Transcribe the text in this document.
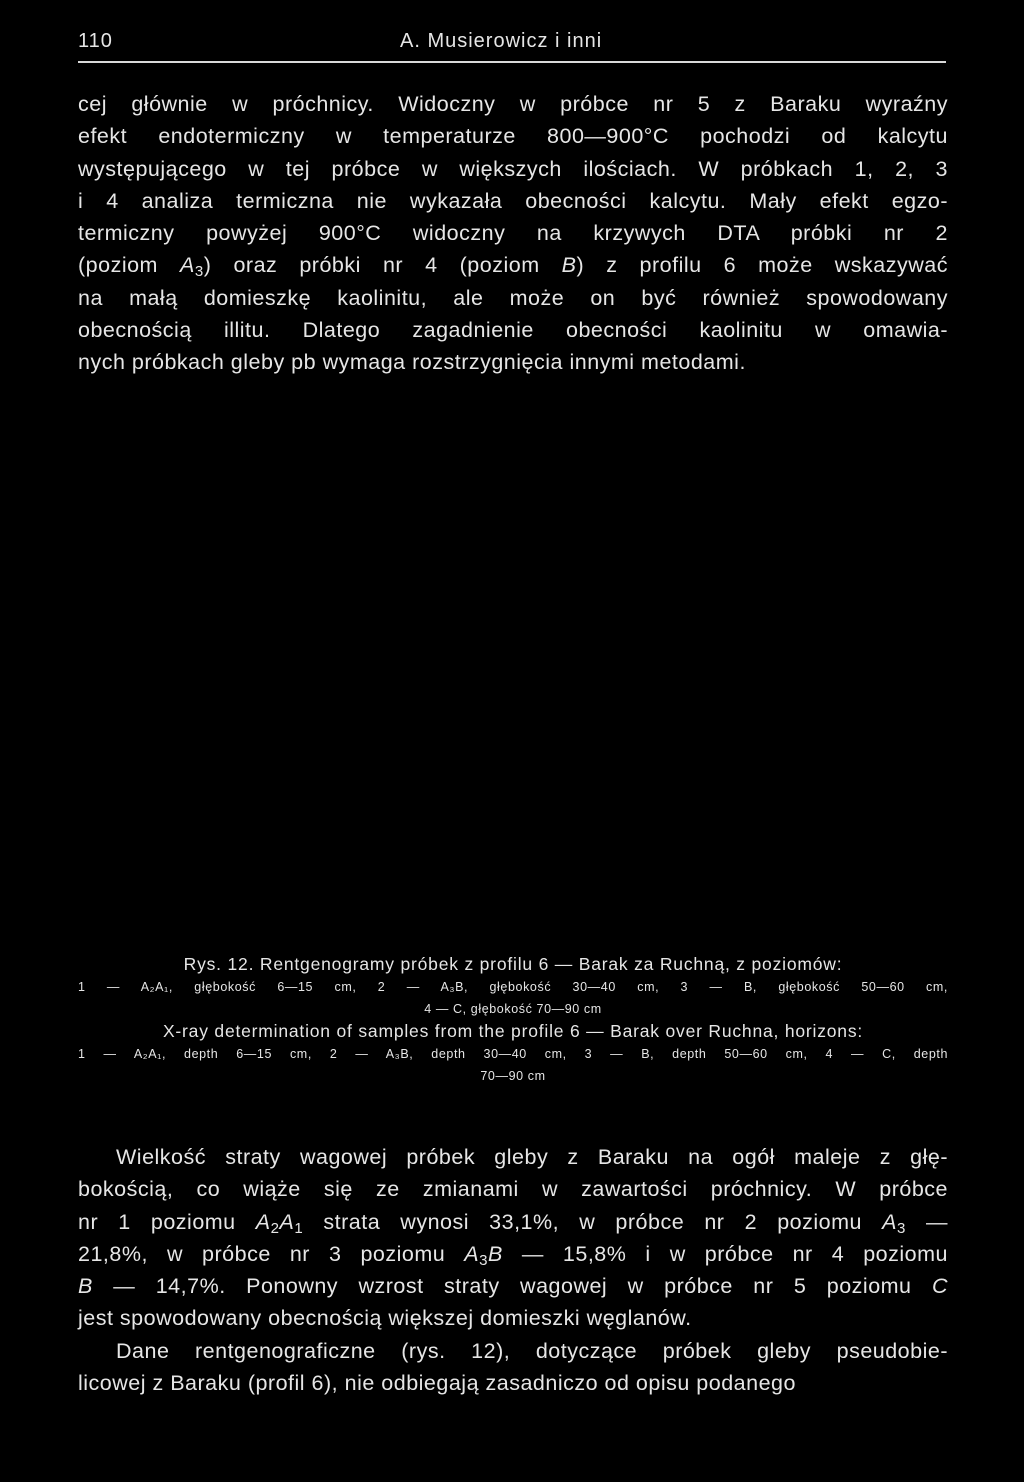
110	A. Musierowicz i inni
cej głównie w próchnicy. Widoczny w próbce nr 5 z Baraku wyraźny
efekt endotermiczny w temperaturze 800—900°C pochodzi od kalcytu
występującego w tej próbce w większych ilościach. W próbkach 1, 2, 3
i 4 analiza termiczna nie wykazała obecności kalcytu. Mały efekt egzo-
termiczny powyżej 900°C widoczny na krzywych DTA próbki nr 2
(poziom $A_3$) oraz próbki nr 4 (poziom B) z profilu 6 może wskazywać
na małą domieszkę kaolinitu, ale może on być również spowodowany
obecnością illitu. Dlatego zagadnienie obecności kaolinitu w omawia-
nych próbkach gleby pb wymaga rozstrzygnięcia innymi metodami.
Rys. 12. Rentgenogramy próbek z profilu 6 — Barak za Ruchną, z poziomów:
1 — A₂A₁, głębokość 6—15 cm, 2 — A₃B, głębokość 30—40 cm, 3 — B, głębokość 50—60 cm,
4 — C, głębokość 70—90 cm
X-ray determination of samples from the profile 6 — Barak over Ruchna, horizons:
1 — A₂A₁, depth 6—15 cm, 2 — A₃B, depth 30—40 cm, 3 — B, depth 50—60 cm, 4 — C, depth
70—90 cm
Wielkość straty wagowej próbek gleby z Baraku na ogół maleje z głę-
bokością, co wiąże się ze zmianami w zawartości próchnicy. W próbce
nr 1 poziomu $A_2A_1$ strata wynosi 33,1%, w próbce nr 2 poziomu $A_3$ —
21,8%, w próbce nr 3 poziomu $A_3B$ — 15,8% i w próbce nr 4 poziomu
B — 14,7%. Ponowny wzrost straty wagowej w próbce nr 5 poziomu C
jest spowodowany obecnością większej domieszki węglanów.
Dane rentgenograficzne (rys. 12), dotyczące próbek gleby pseudobie-
licowej z Baraku (profil 6), nie odbiegają zasadniczo od opisu podanego
